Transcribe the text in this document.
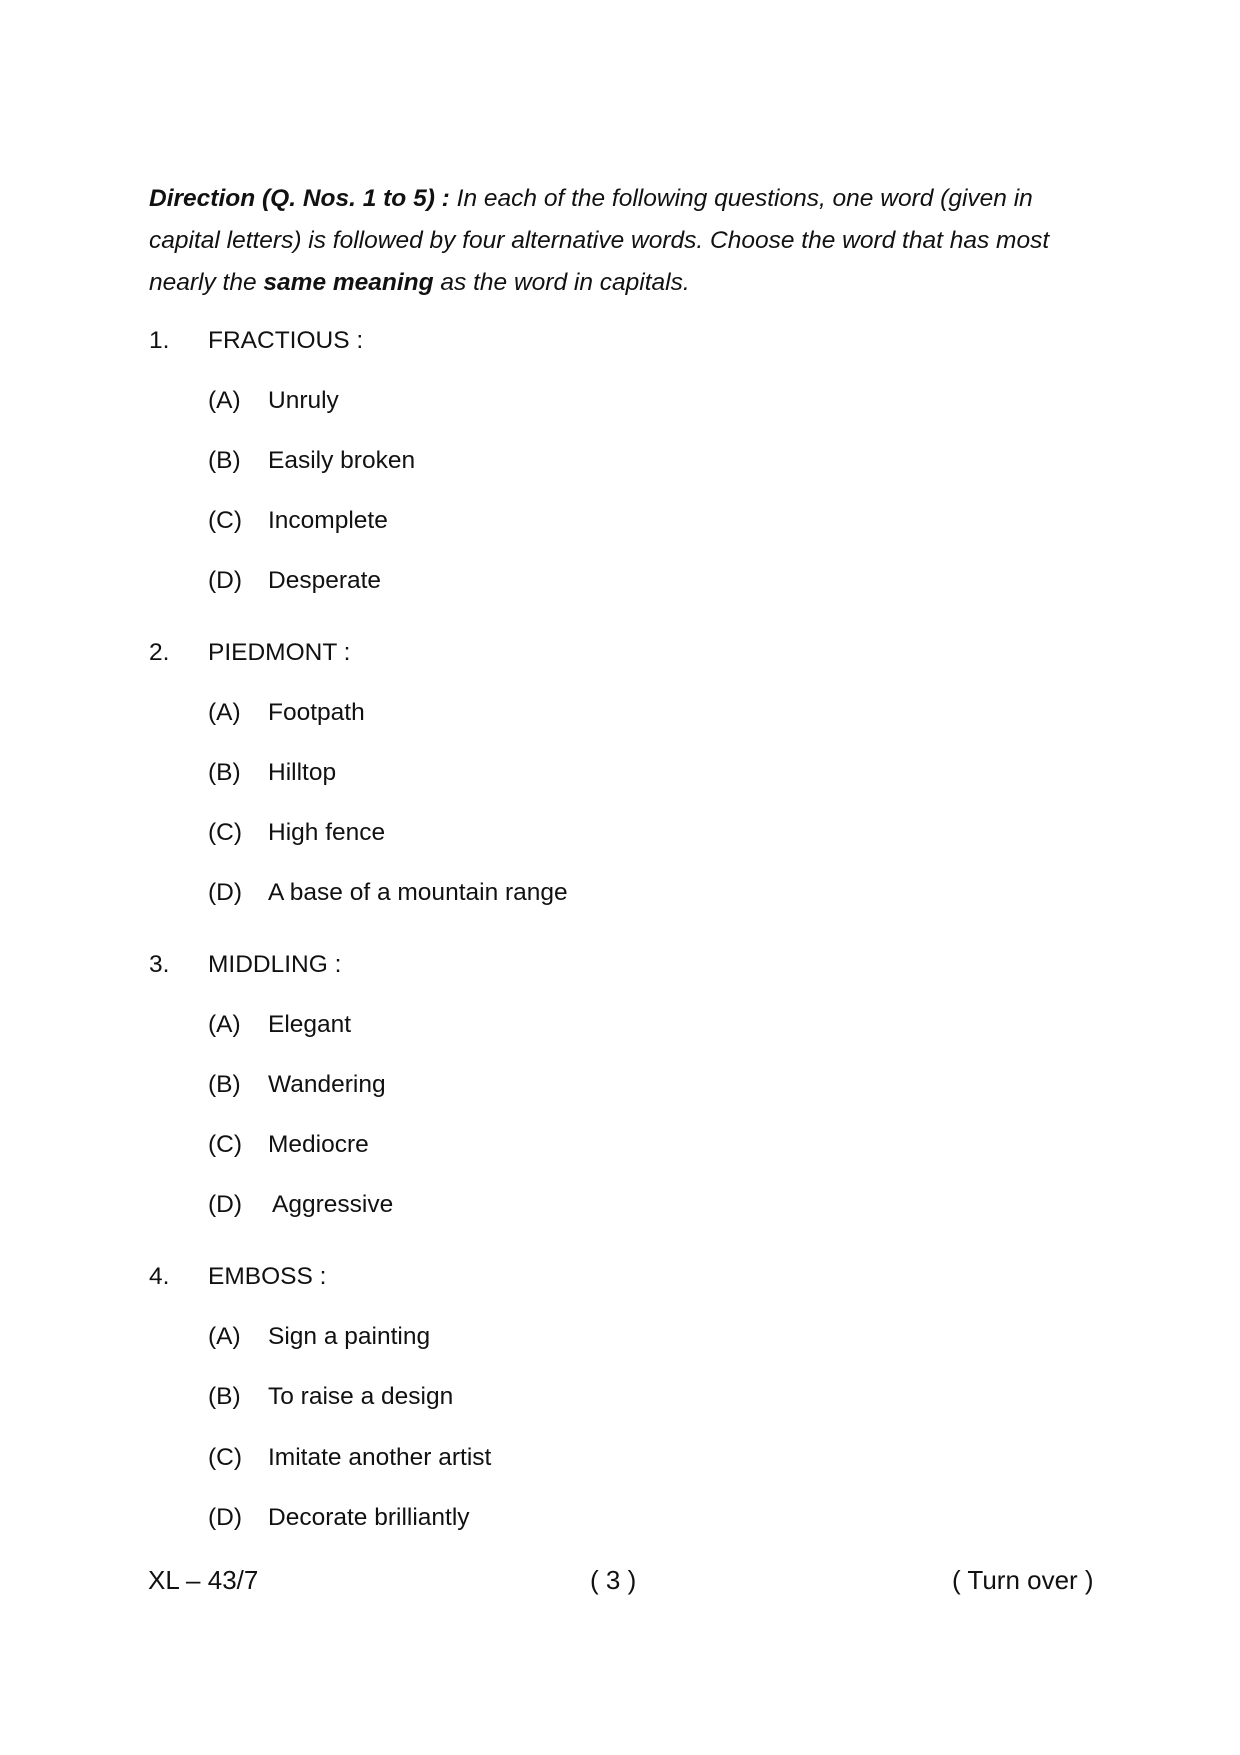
Direction (Q. Nos. 1 to 5) : In each of the following questions, one word (given in capital letters) is followed by four alternative words. Choose the word that has most nearly the same meaning as the word in capitals.
1. FRACTIOUS :
(A) Unruly
(B) Easily broken
(C) Incomplete
(D) Desperate
2. PIEDMONT :
(A) Footpath
(B) Hilltop
(C) High fence
(D) A base of a mountain range
3. MIDDLING :
(A) Elegant
(B) Wandering
(C) Mediocre
(D) Aggressive
4. EMBOSS :
(A) Sign a painting
(B) To raise a design
(C) Imitate another artist
(D) Decorate brilliantly
XL – 43/7	( 3 )	( Turn over )
